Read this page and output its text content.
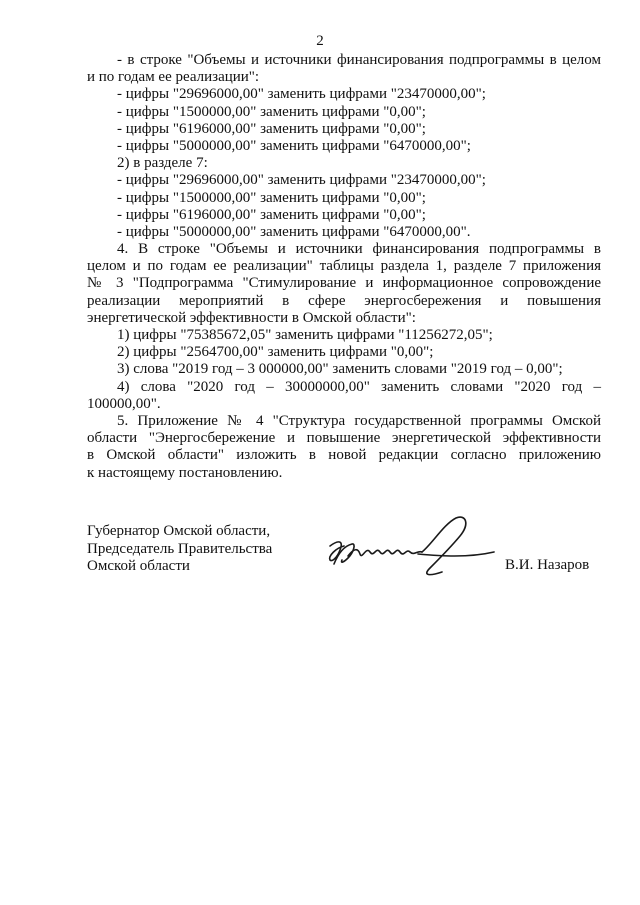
2
- в строке "Объемы и источники финансирования подпрограммы в целом
и по годам ее реализации":
- цифры "29696000,00" заменить цифрами "23470000,00";
- цифры "1500000,00" заменить цифрами "0,00";
- цифры "6196000,00" заменить цифрами "0,00";
- цифры "5000000,00" заменить цифрами "6470000,00";
2) в разделе 7:
- цифры "29696000,00" заменить цифрами "23470000,00";
- цифры "1500000,00" заменить цифрами "0,00";
- цифры "6196000,00" заменить цифрами "0,00";
- цифры "5000000,00" заменить цифрами "6470000,00".
4. В строке "Объемы и источники финансирования подпрограммы в
целом и по годам ее реализации" таблицы раздела 1, разделе 7 приложения
№ 3 "Подпрограмма "Стимулирование и информационное сопровождение
реализации мероприятий в сфере энергосбережения и повышения
энергетической эффективности в Омской области":
1) цифры "75385672,05" заменить цифрами "11256272,05";
2) цифры "2564700,00" заменить цифрами "0,00";
3) слова "2019 год – 3 000000,00" заменить словами "2019 год – 0,00";
4) слова "2020 год – 30000000,00" заменить словами "2020 год –
100000,00".
5. Приложение № 4 "Структура государственной программы Омской
области "Энергосбережение и повышение энергетической эффективности
в Омской области" изложить в новой редакции согласно приложению
к настоящему постановлению.
Губернатор Омской области,
Председатель Правительства
Омской области	В.И. Назаров
